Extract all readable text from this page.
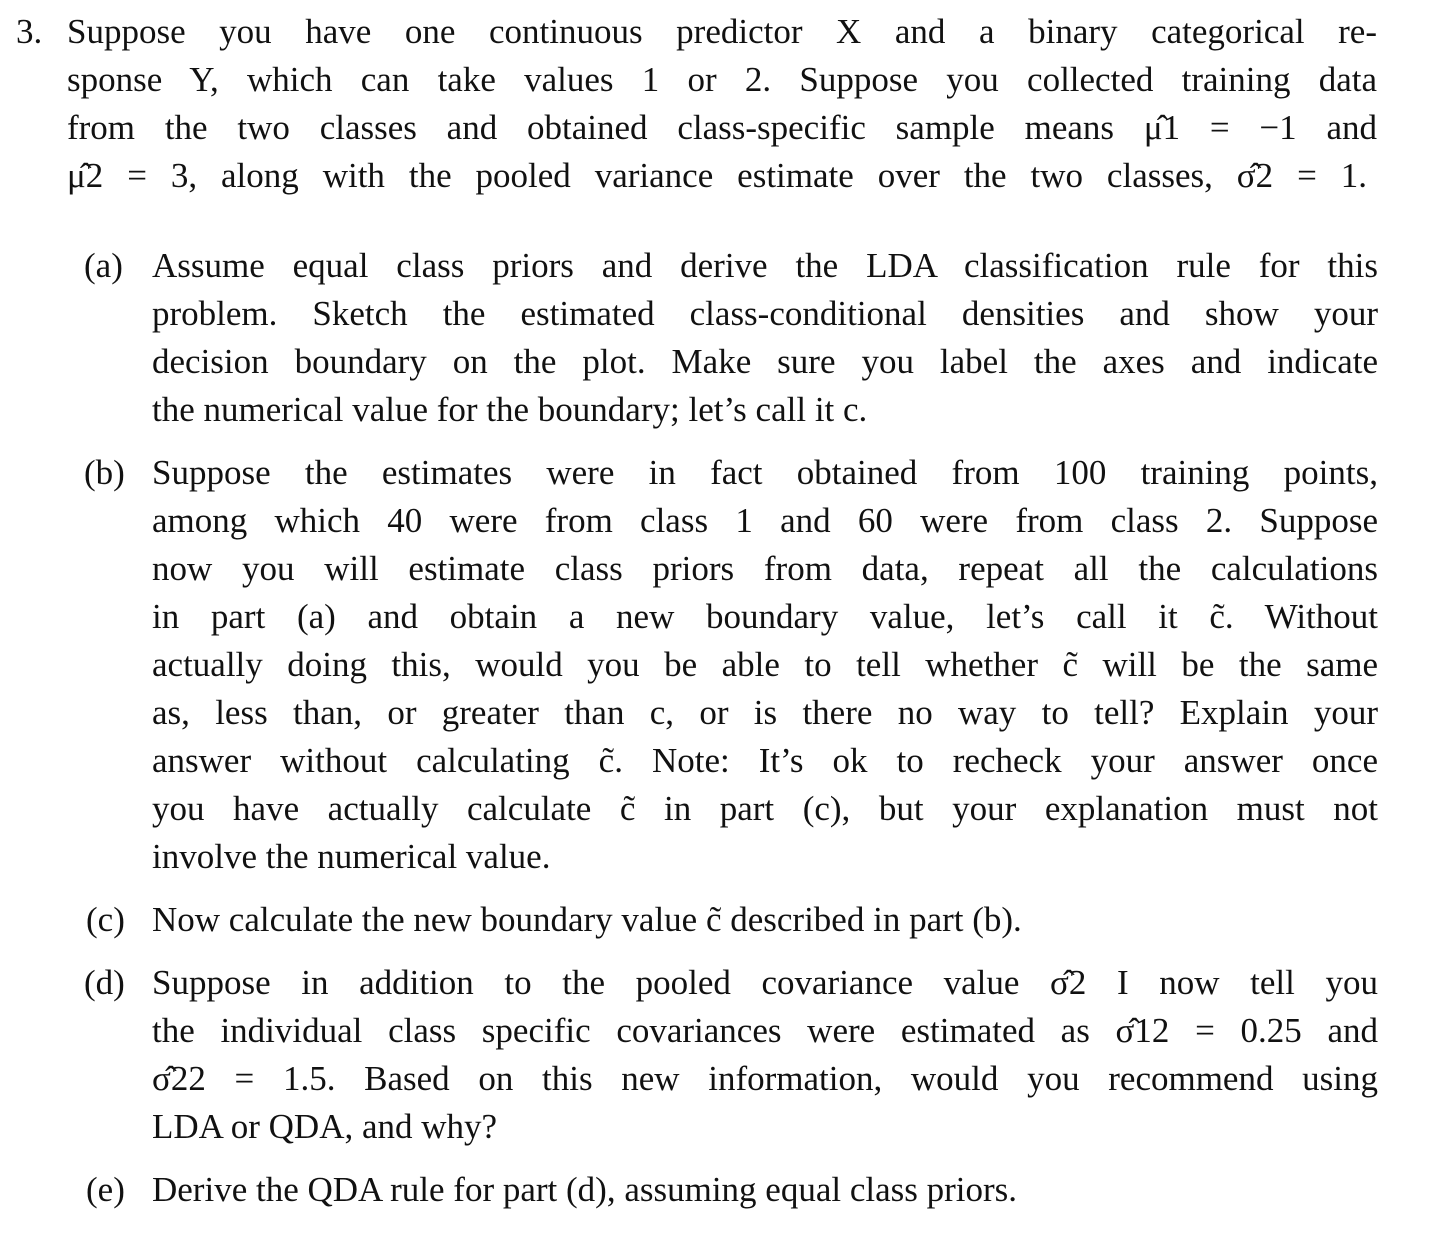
3. Suppose you have one continuous predictor X and a binary categorical re-
sponse Y, which can take values 1 or 2. Suppose you collected training data
from the two classes and obtained class-specific sample means μ̂1 = −1 and
μ̂2 = 3, along with the pooled variance estimate over the two classes, σ̂2 = 1.
(a) Assume equal class priors and derive the LDA classification rule for this
problem. Sketch the estimated class-conditional densities and show your
decision boundary on the plot. Make sure you label the axes and indicate
the numerical value for the boundary; let’s call it c.
(b) Suppose the estimates were in fact obtained from 100 training points,
among which 40 were from class 1 and 60 were from class 2. Suppose
now you will estimate class priors from data, repeat all the calculations
in part (a) and obtain a new boundary value, let’s call it c̃. Without
actually doing this, would you be able to tell whether c̃ will be the same
as, less than, or greater than c, or is there no way to tell? Explain your
answer without calculating c̃. Note: It’s ok to recheck your answer once
you have actually calculate c̃ in part (c), but your explanation must not
involve the numerical value.
(c) Now calculate the new boundary value c̃ described in part (b).
(d) Suppose in addition to the pooled covariance value σ̂2 I now tell you
the individual class specific covariances were estimated as σ̂12 = 0.25 and
σ̂22 = 1.5. Based on this new information, would you recommend using
LDA or QDA, and why?
(e) Derive the QDA rule for part (d), assuming equal class priors.
